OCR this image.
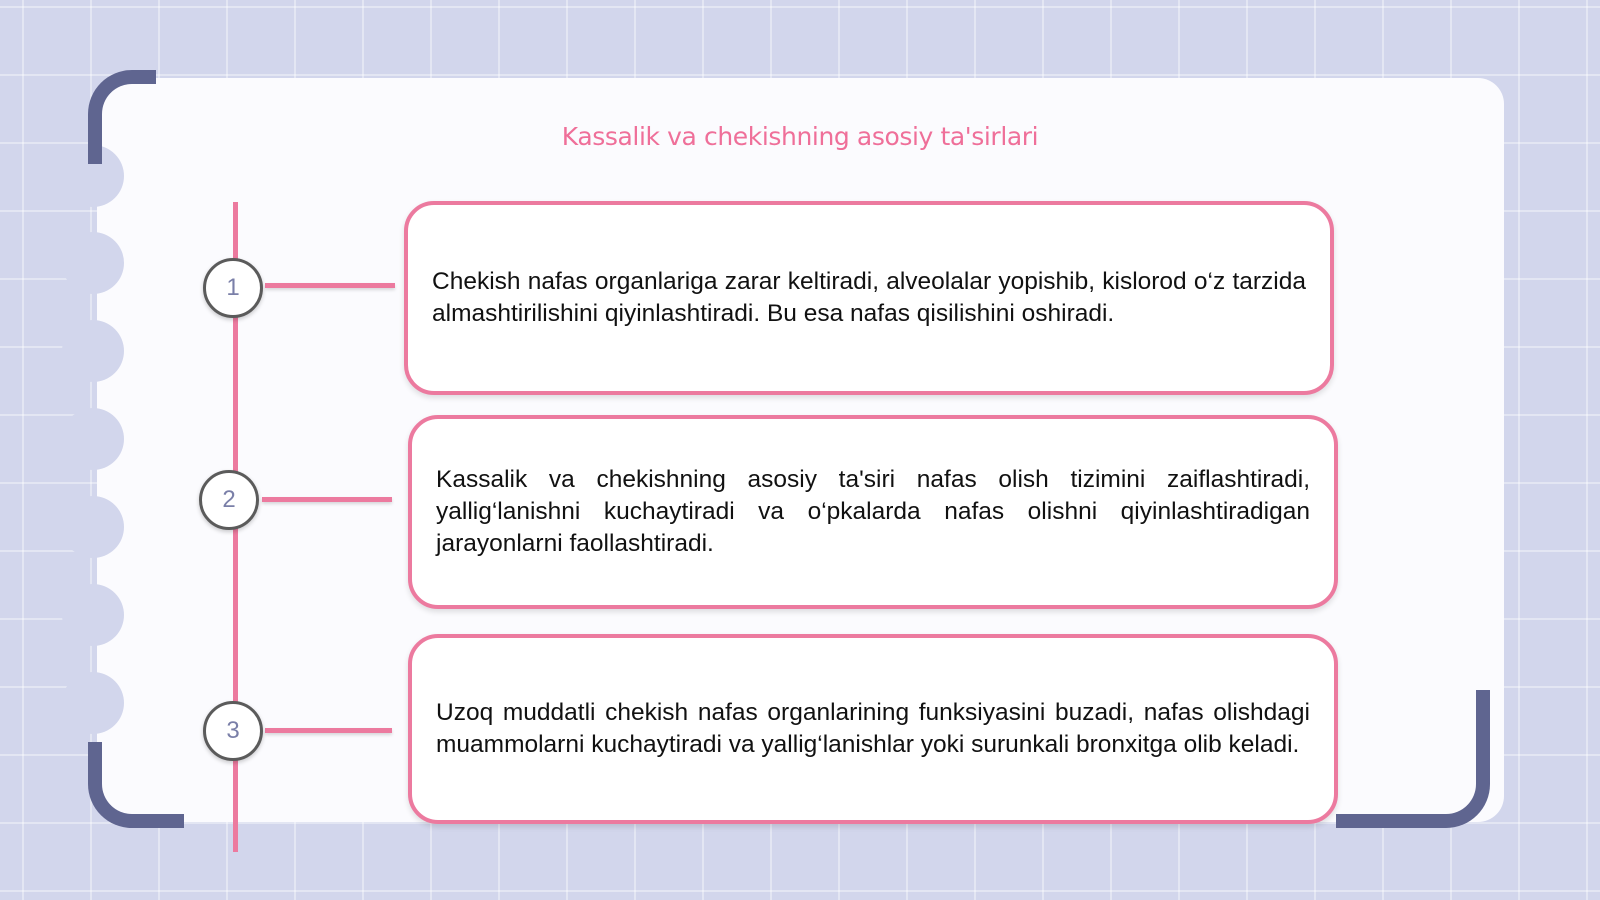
Kassalik va chekishning asosiy ta'sirlari
1
2
3

Chekish nafas organlariga zarar keltiradi, alveolalar yopishib, kislorod o‘z tarzida almashtirilishini qiyinlashtiradi. Bu esa nafas qisilishini oshiradi.

Kassalik va chekishning asosiy ta'siri nafas olish tizimini zaiflashtiradi, yallig‘lanishni kuchaytiradi va o‘pkalarda nafas olishni qiyinlashtiradigan jarayonlarni faollashtiradi.

Uzoq muddatli chekish nafas organlarining funksiyasini buzadi, nafas olishdagi muammolarni kuchaytiradi va yallig‘lanishlar yoki surunkali bronxitga olib keladi.
